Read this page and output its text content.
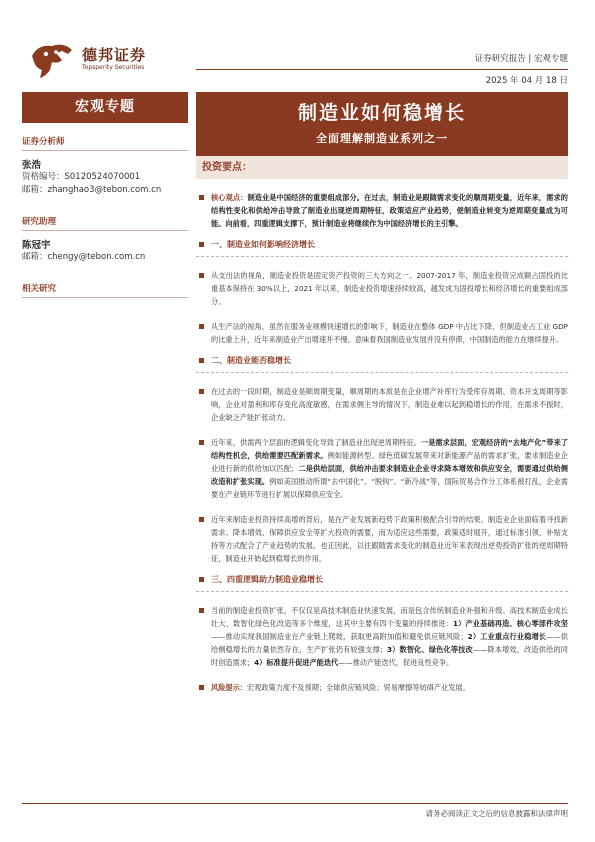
德邦证券
Topsperity Securities
证券研究报告 | 宏观专题
2025 年 04 月 18 日
宏观专题
证券分析师
张浩
资格编号：S0120524070001
邮箱：zhanghao3@tebon.com.cn
研究助理
陈冠宇
邮箱：chengy@tebon.com.cn
相关研究
制造业如何稳增长
全面理解制造业系列之一
投资要点：
核心观点：制造业是中国经济的重要组成部分。在过去，制造业是跟随需求变化的顺周期变量，近年来，需求的结构性变化和供给冲击导致了制造业出现逆周期特征，政策适应产业趋势，使制造业转变为逆周期变量成为可能。向前看，四重逻辑支撑下，预计制造业将继续作为中国经济增长的主引擎。
一、制造业如何影响经济增长
从支出法的视角，制造业投资是固定资产投资的三大方向之一。2007-2017 年，制造业投资完成额占固投的比重基本保持在 30%以上，2021 年以来，制造业投资增速持续较高，越发成为固投增长和经济增长的重要组成部分。
从生产法的视角，虽然在服务业规模快速增长的影响下，制造业在整体 GDP 中占比下降，但制造业占工业 GDP 的比重上升，近年来制造业产出增速并不慢，意味着我国制造业发展并没有停滞，中国制造的能力在继续提升。
二、制造业能否稳增长
在过去的一段时期，制造业是顺周期变量，顺周期的本质是在企业增产补库行为受库存周期、资本开支周期等影响，企业对盈利和库存变化高度敏感，在需求侧主导的情况下，制造业难以起到稳增长的作用，在需求不振时，企业缺乏产能扩张动力。
近年来，供需两个层面的逻辑变化导致了制造业出现逆周期特征。一是需求层面，宏观经济的“去地产化”带来了结构性机会，供给需要匹配新需求。例如能源转型、绿色低碳发展带来对新能源产品的需求扩张，要求制造业企业进行新的供给加以匹配；二是供给层面，供给冲击要求制造业企业寻求降本增效和供应安全，需要通过供给侧改造和扩张实现。例如美国推动所谓“去中国化”、“脱钩”、“新冷战”等，国际贸易合作分工体系被打乱，企业需要在产业链环节进行扩展以保障供应安全。
近年来制造业投资持续高增的背后，是在产业发展新趋势下政策积极配合引导的结果。制造业企业面临着寻找新需求、降本增效、保障供应安全等扩大投资的需要，而为适应这些需要，政策适时展开，通过标准引领、补贴支持等方式配合了产业趋势的发展，也正因此，以往跟随需求变化的制造业近年来表现出逆势投资扩张的逆周期特征，制造业开始起到稳增长的作用。
三、四重逻辑助力制造业稳增长
当前的制造业投资扩张，不仅仅是高技术制造业快速发展，而是包含传统制造业补强和升级、高技术制造业成长壮大、数智化绿色化改造等多个维度，这其中主要有四个变量的持续推进：1）产业基础再造、核心零部件攻坚——推动实现我国制造业在产业链上爬坡，获取更高附加值和避免供应链风险；2）工业重点行业稳增长——供给侧稳增长的力量依然存在，生产扩张仍有较强支撑；3）数智化、绿色化等技改——降本增效，改造供给的同时创造需求；4）标准提升促进产能迭代——推动产能迭代，促进良性竞争。
风险提示：宏观政策力度不及预期；全球供应链风险；贸易摩擦等妨碍产业发展。
请务必阅读正文之后的信息披露和法律声明
